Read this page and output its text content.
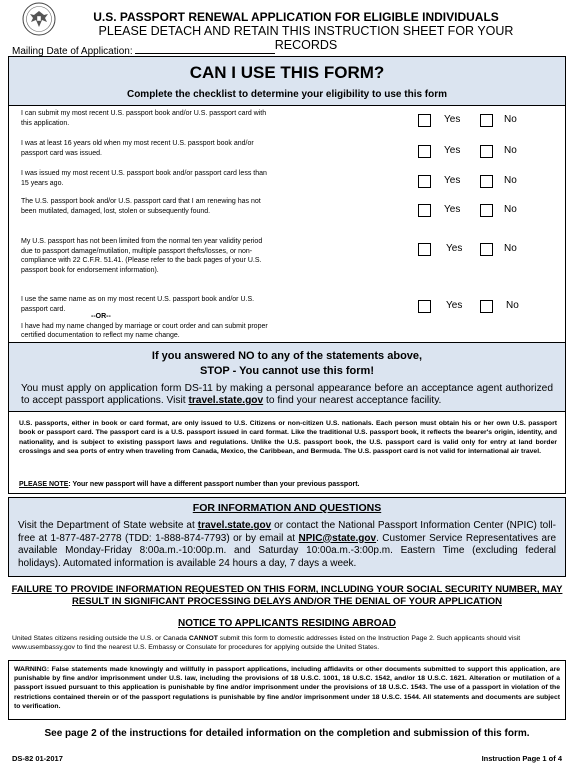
U.S. PASSPORT RENEWAL APPLICATION FOR ELIGIBLE INDIVIDUALS
PLEASE DETACH AND RETAIN THIS INSTRUCTION SHEET FOR YOUR RECORDS
Mailing Date of Application:
CAN I USE THIS FORM?
Complete the checklist to determine your eligibility to use this form
I can submit my most recent U.S. passport book and/or U.S. passport card with this application.	Yes	No
I was at least 16 years old when my most recent U.S. passport book and/or passport card was issued.	Yes	No
I was issued my most recent U.S. passport book and/or passport card less than 15 years ago.	Yes	No
The U.S. passport book and/or U.S. passport card that I am renewing has not been mutilated, damaged, lost, stolen or subsequently found.	Yes	No
My U.S. passport has not been limited from the normal ten year validity period due to passport damage/mutilation, multiple passport thefts/losses, or non-compliance with 22 C.F.R. 51.41. (Please refer to the back pages of your U.S. passport book for endorsement information).
Yes	No
I use the same name as on my most recent U.S. passport book and/or U.S. passport card.
--OR--
I have had my name changed by marriage or court order and can submit proper certified documentation to reflect my name change.
Yes	No
If you answered NO to any of the statements above,
STOP - You cannot use this form!
You must apply on application form DS-11 by making a personal appearance before an acceptance agent authorized to accept passport applications. Visit travel.state.gov to find your nearest acceptance facility.
U.S. passports, either in book or card format, are only issued to U.S. Citizens or non-citizen U.S. nationals. Each person must obtain his or her own U.S. passport book or passport card. The passport card is a U.S. passport issued in card format. Like the traditional U.S. passport book, it reflects the bearer's origin, identity, and nationality, and is subject to existing passport laws and regulations. Unlike the U.S. passport book, the U.S. passport card is valid only for entry at land border crossings and sea ports of entry when traveling from Canada, Mexico, the Caribbean, and Bermuda. The U.S. passport card is not valid for international air travel.
PLEASE NOTE: Your new passport will have a different passport number than your previous passport.
FOR INFORMATION AND QUESTIONS
Visit the Department of State website at travel.state.gov or contact the National Passport Information Center (NPIC) toll-free at 1-877-487-2778 (TDD: 1-888-874-7793) or by email at NPIC@state.gov. Customer Service Representatives are available Monday-Friday 8:00a.m.-10:00p.m. and Saturday 10:00a.m.-3:00p.m. Eastern Time (excluding federal holidays). Automated information is available 24 hours a day, 7 days a week.
FAILURE TO PROVIDE INFORMATION REQUESTED ON THIS FORM, INCLUDING YOUR SOCIAL SECURITY NUMBER, MAY RESULT IN SIGNIFICANT PROCESSING DELAYS AND/OR THE DENIAL OF YOUR APPLICATION
NOTICE TO APPLICANTS RESIDING ABROAD
United States citizens residing outside the U.S. or Canada CANNOT submit this form to domestic addresses listed on the Instruction Page 2. Such applicants should visit www.usembassy.gov to find the nearest U.S. Embassy or Consulate for procedures for applying outside the United States.
WARNING: False statements made knowingly and willfully in passport applications, including affidavits or other documents submitted to support this application, are punishable by fine and/or imprisonment under U.S. law, including the provisions of 18 U.S.C. 1001, 18 U.S.C. 1542, and/or 18 U.S.C. 1621. Alteration or mutilation of a passport issued pursuant to this application is punishable by fine and/or imprisonment under the provisions of 18 U.S.C. 1543. The use of a passport in violation of the restrictions contained therein or of the passport regulations is punishable by fine and/or imprisonment under 18 U.S.C. 1544. All statements and documents are subject to verification.
See page 2 of the instructions for detailed information on the completion and submission of this form.
DS-82 01-2017	Instruction Page 1 of 4
